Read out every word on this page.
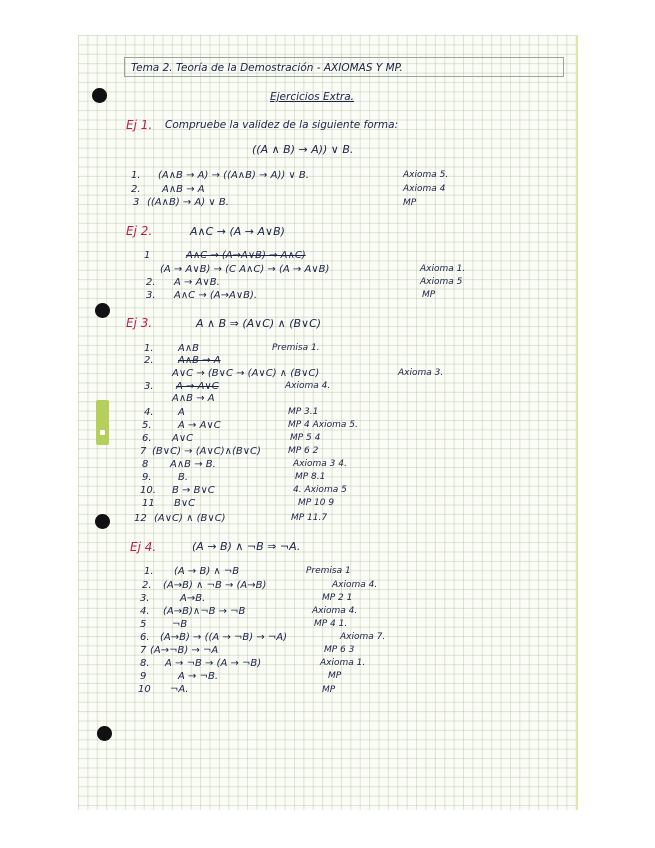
Tema 2. Teoría de la Demostración - AXIOMAS Y MP.
Ejercicios Extra.
Ej 1. Compruebe la validez de la siguiente forma:
((A ∧ B) → A)) ∨ B.
1. (A∧B → A) → ((A∧B) → A)) ∨ B.	Axioma 5.
2. A∧B → A	Axioma 4
3 ((A∧B) → A) ∨ B.	MP
Ej 2.	A∧C → (A → A∨B)
1	A∧C → (A→A∨B) → A∧C)
(A → A∨B) → (C A∧C) → (A → A∨B)	Axioma 1.
2. A → A∨B.	Axioma 5
3. A∧C → (A→A∨B).	MP
Ej 3.	A ∧ B ⇒ (A∨C) ∧ (B∨C)
1. A∧B	Premisa 1.
2. A∧B → A
A∨C → (B∨C → (A∨C) ∧ (B∨C)	Axioma 3.
3. A → A∨C	Axioma 4.
A∧B → A
4. A	MP 3.1
5.	A → A∨C	MP 4 Axioma 5.
6. A∨C	MP 5 4
7 (B∨C) → (A∨C)∧(B∨C)	MP 6 2
8 A∧B → B.	Axioma 3 4.
9.	B.	MP 8.1
10. B → B∨C	4. Axioma 5
11 B∨C	MP 10 9
12 (A∨C) ∧ (B∨C)	MP 11.7
Ej 4.	(A → B) ∧ ¬B ⇒ ¬A.
1. (A → B) ∧ ¬B	Premisa 1
2. (A→B) ∧ ¬B → (A→B)	Axioma 4.
3.	A→B.	MP 2 1
4. (A→B)∧¬B → ¬B	Axioma 4.
5	¬B	MP 4 1.
6. (A→B) → ((A → ¬B) → ¬A)	Axioma 7.
7 (A→¬B) → ¬A	MP 6 3
8. A → ¬B → (A → ¬B)	Axioma 1.
9	A → ¬B.	MP
10 ¬A.	MP
